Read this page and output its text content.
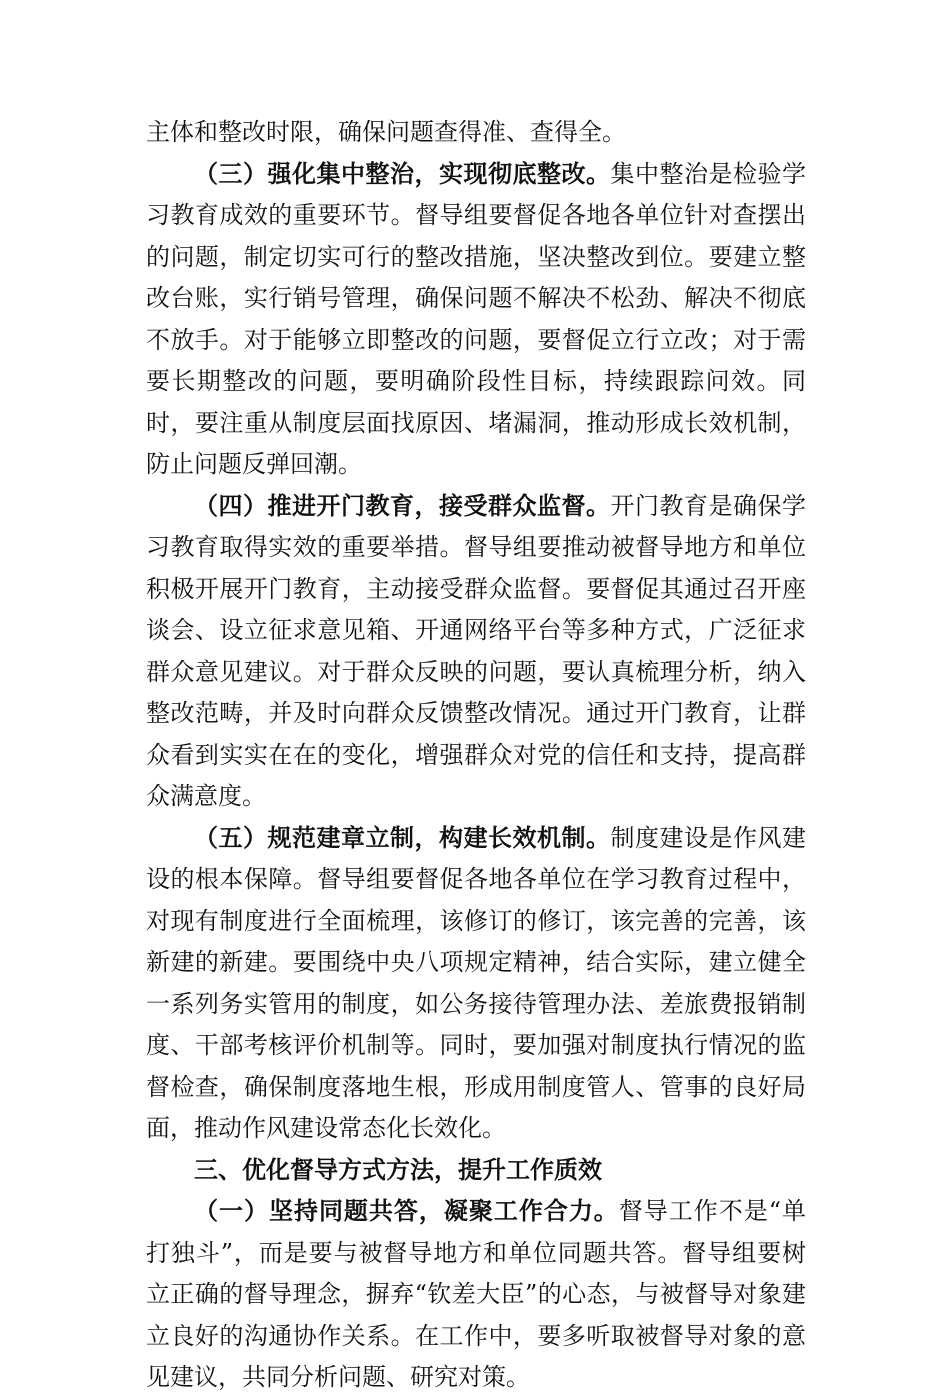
主体和整改时限，确保问题查得准、查得全。

（三）强化集中整治，实现彻底整改。集中整治是检验学习教育成效的重要环节。督导组要督促各地各单位针对查摆出的问题，制定切实可行的整改措施，坚决整改到位。要建立整改台账，实行销号管理，确保问题不解决不松劲、解决不彻底不放手。对于能够立即整改的问题，要督促立行立改；对于需要长期整改的问题，要明确阶段性目标，持续跟踪问效。同时，要注重从制度层面找原因、堵漏洞，推动形成长效机制，防止问题反弹回潮。

（四）推进开门教育，接受群众监督。开门教育是确保学习教育取得实效的重要举措。督导组要推动被督导地方和单位积极开展开门教育，主动接受群众监督。要督促其通过召开座谈会、设立征求意见箱、开通网络平台等多种方式，广泛征求群众意见建议。对于群众反映的问题，要认真梳理分析，纳入整改范畴，并及时向群众反馈整改情况。通过开门教育，让群众看到实实在在的变化，增强群众对党的信任和支持，提高群众满意度。

（五）规范建章立制，构建长效机制。制度建设是作风建设的根本保障。督导组要督促各地各单位在学习教育过程中，对现有制度进行全面梳理，该修订的修订，该完善的完善，该新建的新建。要围绕中央八项规定精神，结合实际，建立健全一系列务实管用的制度，如公务接待管理办法、差旅费报销制度、干部考核评价机制等。同时，要加强对制度执行情况的监督检查，确保制度落地生根，形成用制度管人、管事的良好局面，推动作风建设常态化长效化。

三、优化督导方式方法，提升工作质效

（一）坚持同题共答，凝聚工作合力。督导工作不是“单打独斗”，而是要与被督导地方和单位同题共答。督导组要树立正确的督导理念，摒弃“钦差大臣”的心态，与被督导对象建立良好的沟通协作关系。在工作中，要多听取被督导对象的意见建议，共同分析问题、研究对策。
